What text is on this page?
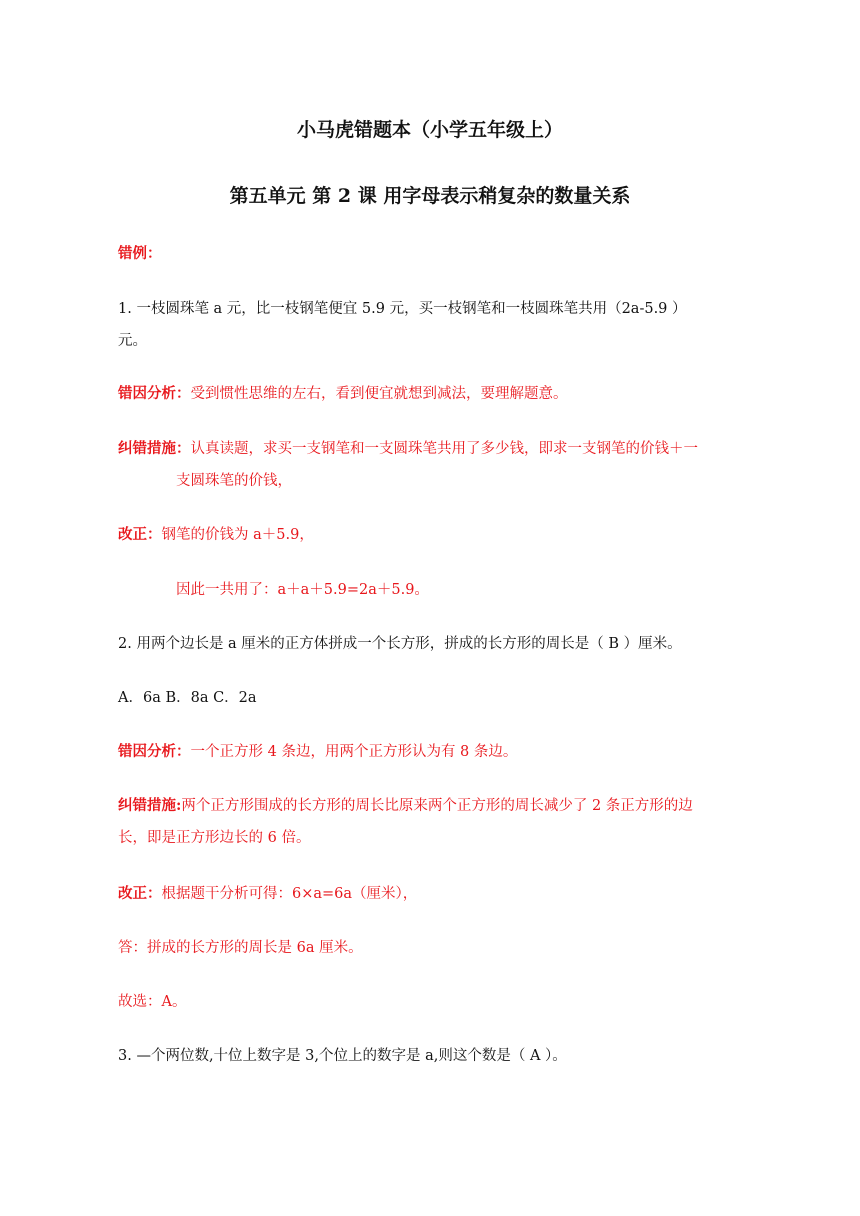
小马虎错题本（小学五年级上）
第五单元 第 2 课 用字母表示稍复杂的数量关系
错例：
1. 一枝圆珠笔 a 元，比一枝钢笔便宜 5.9 元，买一枝钢笔和一枝圆珠笔共用（2a-5.9 ）
元。
错因分析：受到惯性思维的左右，看到便宜就想到减法，要理解题意。
纠错措施：认真读题，求买一支钢笔和一支圆珠笔共用了多少钱，即求一支钢笔的价钱＋一
支圆珠笔的价钱，
改正：钢笔的价钱为 a＋5.9，
因此一共用了：a＋a＋5.9=2a＋5.9。
2. 用两个边长是 a 厘米的正方体拼成一个长方形，拼成的长方形的周长是（ B ）厘米。
A．6a B．8a C．2a
错因分析：一个正方形 4 条边，用两个正方形认为有 8 条边。
纠错措施:两个正方形围成的长方形的周长比原来两个正方形的周长减少了 2 条正方形的边
长，即是正方形边长的 6 倍。
改正：根据题干分析可得：6×a=6a（厘米），
答：拼成的长方形的周长是 6a 厘米。
故选：A。
3. —个两位数,十位上数字是 3,个位上的数字是 a,则这个数是（ A ）。
